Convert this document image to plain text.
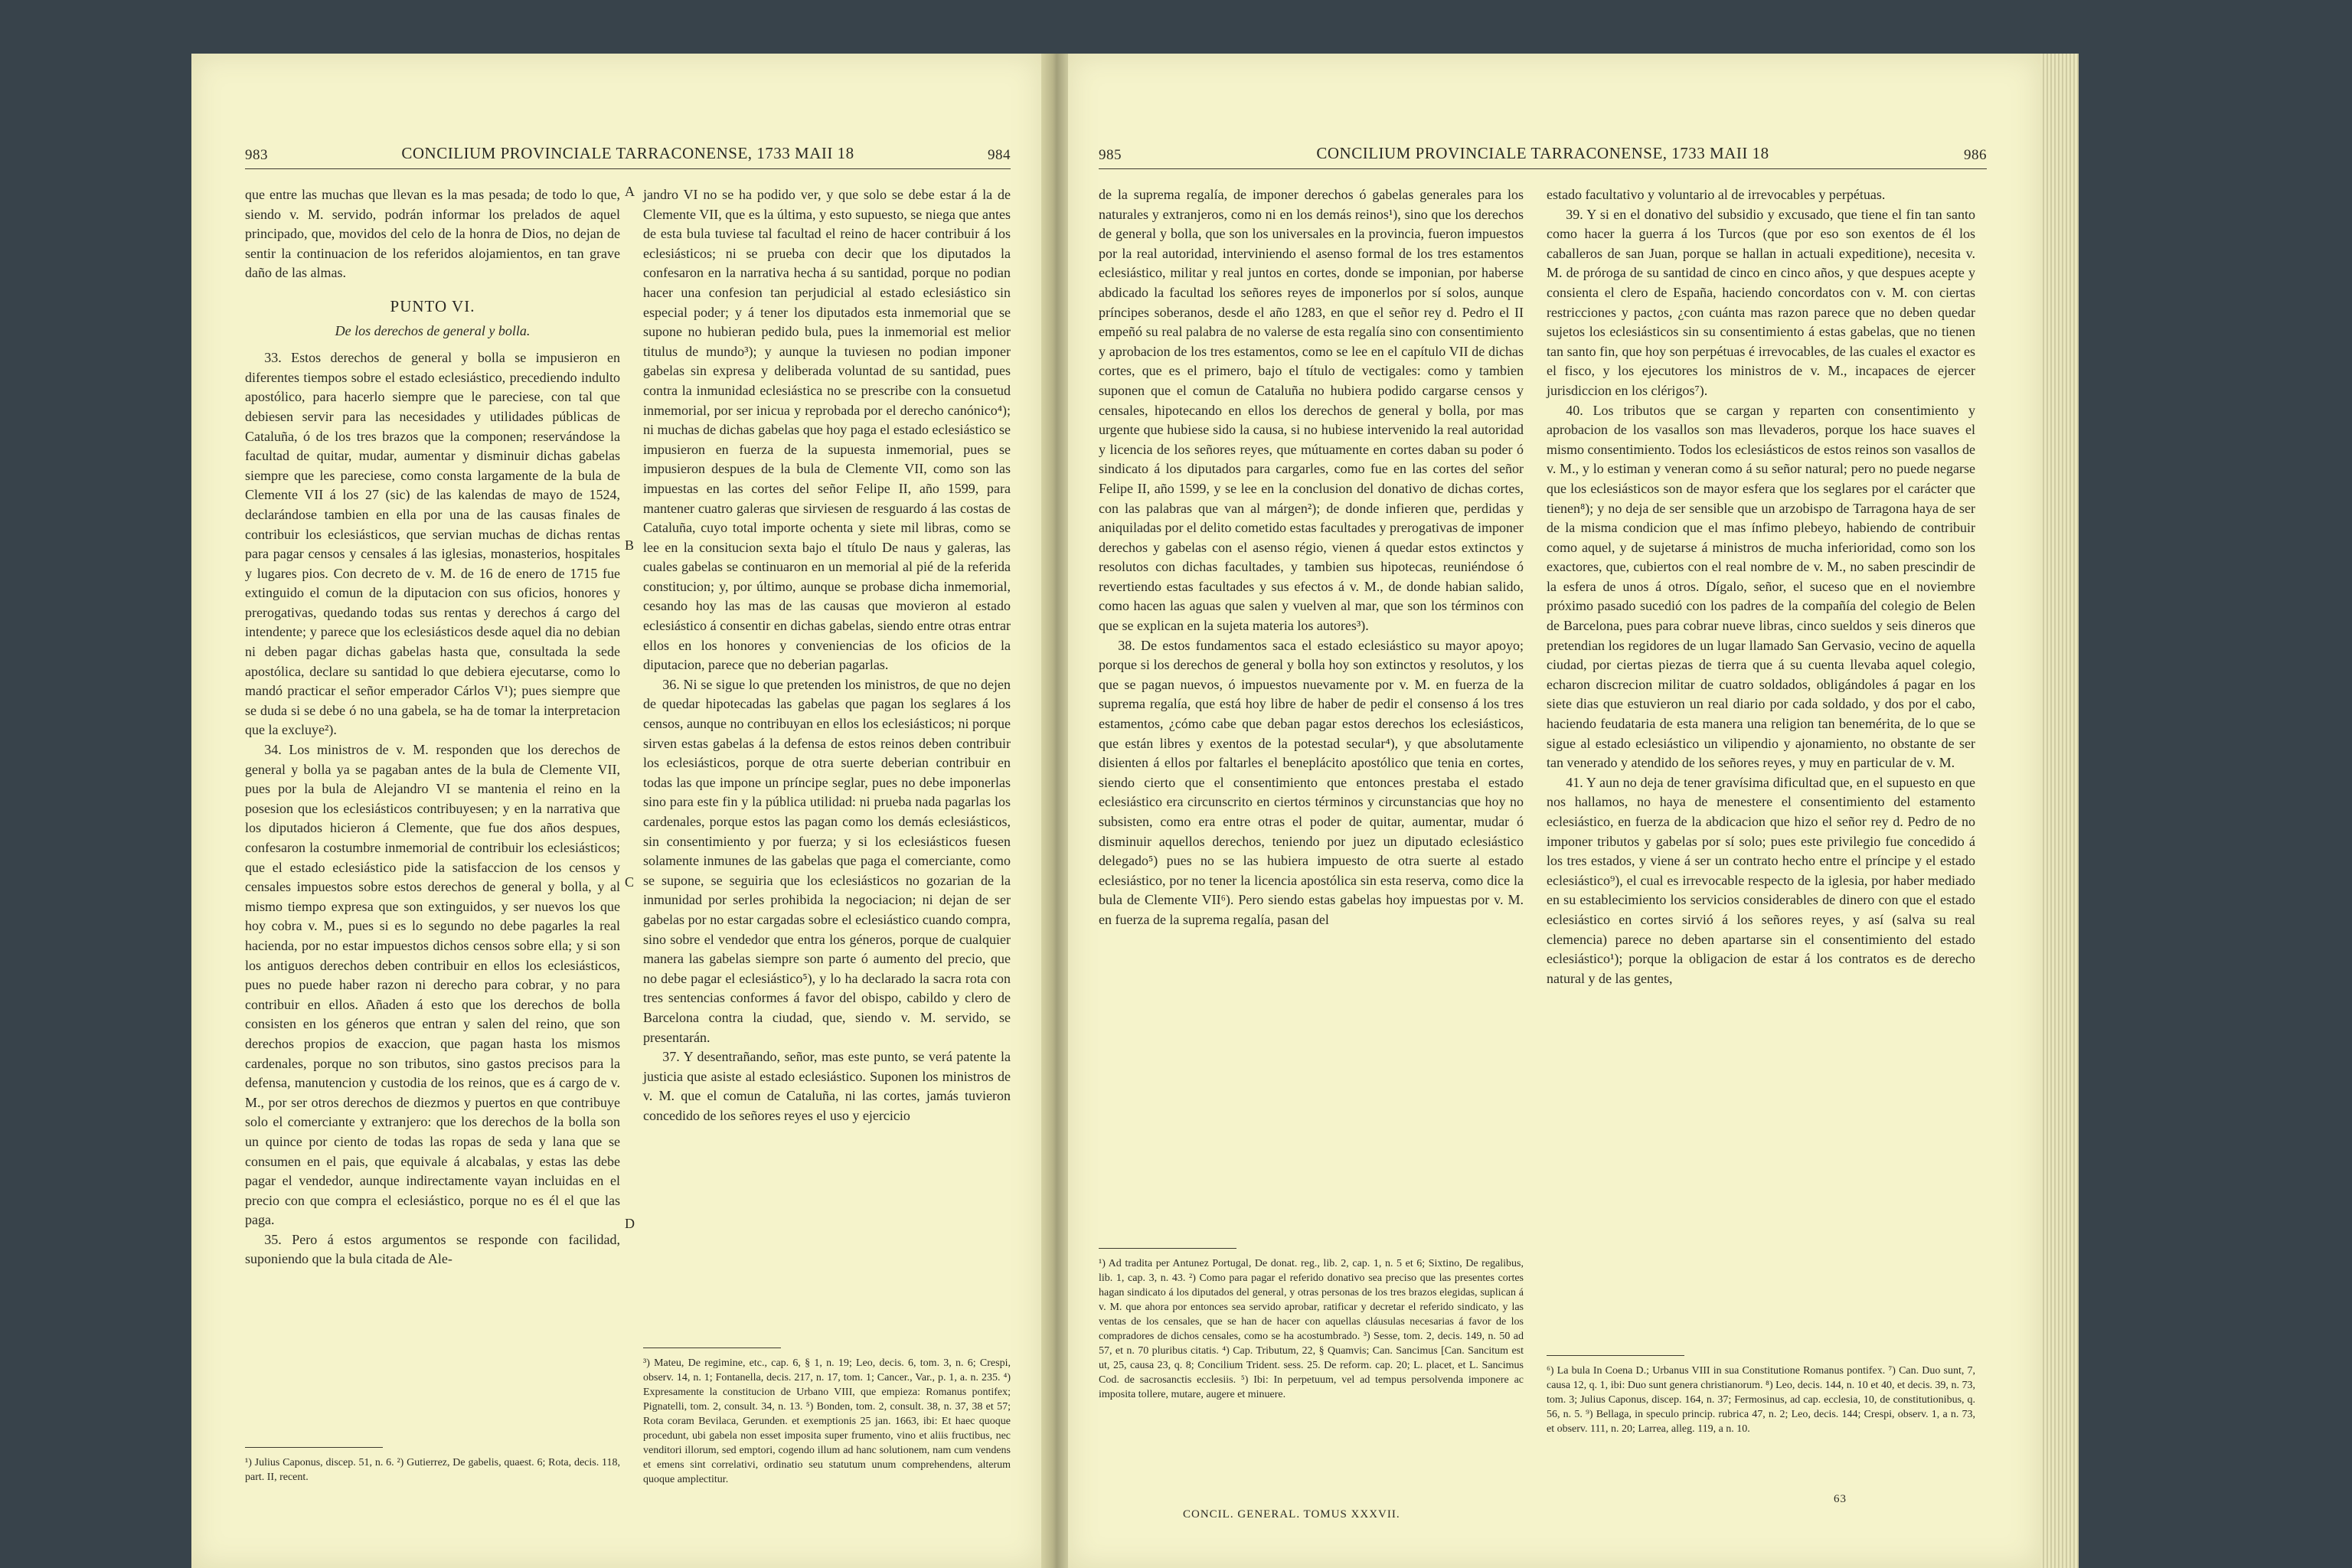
983	CONCILIUM PROVINCIALE TARRACONENSE, 1733 MAII 18	984

que entre las muchas que llevan es la mas pesada; de todo lo que, siendo v. M. servido, podrán informar los prelados de aquel principado, que, movidos del celo de la honra de Dios, no dejan de sentir la continuacion de los referidos alojamientos, en tan grave daño de las almas.

PUNTO VI.

De los derechos de general y bolla.

33. Estos derechos de general y bolla se impusieron en diferentes tiempos sobre el estado eclesiástico, precediendo indulto apostólico, para hacerlo siempre que le pareciese, con tal que debiesen servir para las necesidades y utilidades públicas de Cataluña, ó de los tres brazos que la componen; reservándose la facultad de quitar, mudar, aumentar y disminuir dichas gabelas siempre que les pareciese, como consta largamente de la bula de Clemente VII á los 27 (sic) de las kalendas de mayo de 1524, declarándose tambien en ella por una de las causas finales de contribuir los eclesiásticos, que servian muchas de dichas rentas para pagar censos y censales á las iglesias, monasterios, hospitales y lugares pios. Con decreto de v. M. de 16 de enero de 1715 fue extinguido el comun de la diputacion con sus oficios, honores y prerogativas, quedando todas sus rentas y derechos á cargo del intendente; y parece que los eclesiásticos desde aquel dia no debian ni deben pagar dichas gabelas hasta que, consultada la sede apostólica, declare su santidad lo que debiera ejecutarse, como lo mandó practicar el señor emperador Cárlos V¹); pues siempre que se duda si se debe ó no una gabela, se ha de tomar la interpretacion que la excluye²).

34. Los ministros de v. M. responden que los derechos de general y bolla ya se pagaban antes de la bula de Clemente VII, pues por la bula de Alejandro VI se mantenia el reino en la posesion que los eclesiásticos contribuyesen; y en la narrativa que los diputados hicieron á Clemente, que fue dos años despues, confesaron la costumbre inmemorial de contribuir los eclesiásticos; que el estado eclesiástico pide la satisfaccion de los censos y censales impuestos sobre estos derechos de general y bolla, y al mismo tiempo expresa que son extinguidos, y ser nuevos los que hoy cobra v. M., pues si es lo segundo no debe pagarles la real hacienda, por no estar impuestos dichos censos sobre ella; y si son los antiguos derechos deben contribuir en ellos los eclesiásticos, pues no puede haber razon ni derecho para cobrar, y no para contribuir en ellos. Añaden á esto que los derechos de bolla consisten en los géneros que entran y salen del reino, que son derechos propios de exaccion, que pagan hasta los mismos cardenales, porque no son tributos, sino gastos precisos para la defensa, manutencion y custodia de los reinos, que es á cargo de v. M., por ser otros derechos de diezmos y puertos en que contribuye solo el comerciante y extranjero: que los derechos de la bolla son un quince por ciento de todas las ropas de seda y lana que se consumen en el pais, que equivale á alcabalas, y estas las debe pagar el vendedor, aunque indirectamente vayan incluidas en el precio con que compra el eclesiástico, porque no es él el que las paga.

35. Pero á estos argumentos se responde con facilidad, suponiendo que la bula citada de Ale-

¹) Julius Caponus, discep. 51, n. 6. ²) Gutierrez, De gabelis, quaest. 6; Rota, decis. 118, part. II, recent.

jandro VI no se ha podido ver, y que solo se debe estar á la de Clemente VII, que es la última, y esto supuesto, se niega que antes de esta bula tuviese tal facultad el reino de hacer contribuir á los eclesiásticos; ni se prueba con decir que los diputados la confesaron en la narrativa hecha á su santidad, porque no podian hacer una confesion tan perjudicial al estado eclesiástico sin especial poder; y á tener los diputados esta inmemorial que se supone no hubieran pedido bula, pues la inmemorial est melior titulus de mundo³); y aunque la tuviesen no podian imponer gabelas sin expresa y deliberada voluntad de su santidad, pues contra la inmunidad eclesiástica no se prescribe con la consuetud inmemorial, por ser inicua y reprobada por el derecho canónico⁴); ni muchas de dichas gabelas que hoy paga el estado eclesiástico se impusieron en fuerza de la supuesta inmemorial, pues se impusieron despues de la bula de Clemente VII, como son las impuestas en las cortes del señor Felipe II, año 1599, para mantener cuatro galeras que sirviesen de resguardo á las costas de Cataluña, cuyo total importe ochenta y siete mil libras, como se lee en la consitucion sexta bajo el título De naus y galeras, las cuales gabelas se continuaron en un memorial al pié de la referida constitucion; y, por último, aunque se probase dicha inmemorial, cesando hoy las mas de las causas que movieron al estado eclesiástico á consentir en dichas gabelas, siendo entre otras entrar ellos en los honores y conveniencias de los oficios de la diputacion, parece que no deberian pagarlas.

36. Ni se sigue lo que pretenden los ministros, de que no dejen de quedar hipotecadas las gabelas que pagan los seglares á los censos, aunque no contribuyan en ellos los eclesiásticos; ni porque sirven estas gabelas á la defensa de estos reinos deben contribuir los eclesiásticos, porque de otra suerte deberian contribuir en todas las que impone un príncipe seglar, pues no debe imponerlas sino para este fin y la pública utilidad: ni prueba nada pagarlas los cardenales, porque estos las pagan como los demás eclesiásticos, sin consentimiento y por fuerza; y si los eclesiásticos fuesen solamente inmunes de las gabelas que paga el comerciante, como se supone, se seguiria que los eclesiásticos no gozarian de la inmunidad por serles prohibida la negociacion; ni dejan de ser gabelas por no estar cargadas sobre el eclesiástico cuando compra, sino sobre el vendedor que entra los géneros, porque de cualquier manera las gabelas siempre son parte ó aumento del precio, que no debe pagar el eclesiástico⁵), y lo ha declarado la sacra rota con tres sentencias conformes á favor del obispo, cabildo y clero de Barcelona contra la ciudad, que, siendo v. M. servido, se presentarán.

37. Y desentrañando, señor, mas este punto, se verá patente la justicia que asiste al estado eclesiástico. Suponen los ministros de v. M. que el comun de Cataluña, ni las cortes, jamás tuvieron concedido de los señores reyes el uso y ejercicio

³) Mateu, De regimine, etc., cap. 6, § 1, n. 19; Leo, decis. 6, tom. 3, n. 6; Crespi, observ. 14, n. 1; Fontanella, decis. 217, n. 17, tom. 1; Cancer., Var., p. 1, a. n. 235. ⁴) Expresamente la constitucion de Urbano VIII, que empieza: Romanus pontifex; Pignatelli, tom. 2, consult. 34, n. 13. ⁵) Bonden, tom. 2, consult. 38, n. 37, 38 et 57; Rota coram Bevilaca, Gerunden. et exemptionis 25 jan. 1663, ibi: Et haec quoque procedunt, ubi gabela non esset imposita super frumento, vino et aliis fructibus, nec venditori illorum, sed emptori, cogendo illum ad hanc solutionem, nam cum vendens et emens sint correlativi, ordinatio seu statutum unum comprehendens, alterum quoque amplectitur.

A
B
C
D
985	CONCILIUM PROVINCIALE TARRACONENSE, 1733 MAII 18	986

de la suprema regalía, de imponer derechos ó gabelas generales para los naturales y extranjeros, como ni en los demás reinos¹), sino que los derechos de general y bolla, que son los universales en la provincia, fueron impuestos por la real autoridad, interviniendo el asenso formal de los tres estamentos eclesiástico, militar y real juntos en cortes, donde se imponian, por haberse abdicado la facultad los señores reyes de imponerlos por sí solos, aunque príncipes soberanos, desde el año 1283, en que el señor rey d. Pedro el II empeñó su real palabra de no valerse de esta regalía sino con consentimiento y aprobacion de los tres estamentos, como se lee en el capítulo VII de dichas cortes, que es el primero, bajo el título de vectigales: como y tambien suponen que el comun de Cataluña no hubiera podido cargarse censos y censales, hipotecando en ellos los derechos de general y bolla, por mas urgente que hubiese sido la causa, si no hubiese intervenido la real autoridad y licencia de los señores reyes, que mútuamente en cortes daban su poder ó sindicato á los diputados para cargarles, como fue en las cortes del señor Felipe II, año 1599, y se lee en la conclusion del donativo de dichas cortes, con las palabras que van al márgen²); de donde infieren que, perdidas y aniquiladas por el delito cometido estas facultades y prerogativas de imponer derechos y gabelas con el asenso régio, vienen á quedar estos extinctos y resolutos con dichas facultades, y tambien sus hipotecas, reuniéndose ó revertiendo estas facultades y sus efectos á v. M., de donde habian salido, como hacen las aguas que salen y vuelven al mar, que son los términos con que se explican en la sujeta materia los autores³).

38. De estos fundamentos saca el estado eclesiástico su mayor apoyo; porque si los derechos de general y bolla hoy son extinctos y resolutos, y los que se pagan nuevos, ó impuestos nuevamente por v. M. en fuerza de la suprema regalía, que está hoy libre de haber de pedir el consenso á los tres estamentos, ¿cómo cabe que deban pagar estos derechos los eclesiásticos, que están libres y exentos de la potestad secular⁴), y que absolutamente disienten á ellos por faltarles el beneplácito apostólico que tenia en cortes, siendo cierto que el consentimiento que entonces prestaba el estado eclesiástico era circunscrito en ciertos términos y circunstancias que hoy no subsisten, como era entre otras el poder de quitar, aumentar, mudar ó disminuir aquellos derechos, teniendo por juez un diputado eclesiástico delegado⁵) pues no se las hubiera impuesto de otra suerte al estado eclesiástico, por no tener la licencia apostólica sin esta reserva, como dice la bula de Clemente VII⁶). Pero siendo estas gabelas hoy impuestas por v. M. en fuerza de la suprema regalía, pasan del

¹) Ad tradita per Antunez Portugal, De donat. reg., lib. 2, cap. 1, n. 5 et 6; Sixtino, De regalibus, lib. 1, cap. 3, n. 43. ²) Como para pagar el referido donativo sea preciso que las presentes cortes hagan sindicato á los diputados del general, y otras personas de los tres brazos elegidas, suplican á v. M. que ahora por entonces sea servido aprobar, ratificar y decretar el referido sindicato, y las ventas de los censales, que se han de hacer con aquellas cláusulas necesarias á favor de los compradores de dichos censales, como se ha acostumbrado. ³) Sesse, tom. 2, decis. 149, n. 50 ad 57, et n. 70 pluribus citatis. ⁴) Cap. Tributum, 22, § Quamvis; Can. Sancimus [Can. Sancitum est ut, 25, causa 23, q. 8; Concilium Trident. sess. 25. De reform. cap. 20; L. placet, et L. Sancimus Cod. de sacrosanctis ecclesiis. ⁵) Ibi: In perpetuum, vel ad tempus persolvenda imponere ac imposita tollere, mutare, augere et minuere.

CONCIL. GENERAL. TOMUS XXXVII.

estado facultativo y voluntario al de irrevocables y perpétuas.

39. Y si en el donativo del subsidio y excusado, que tiene el fin tan santo como hacer la guerra á los Turcos (que por eso son exentos de él los caballeros de san Juan, porque se hallan in actuali expeditione), necesita v. M. de próroga de su santidad de cinco en cinco años, y que despues acepte y consienta el clero de España, haciendo concordatos con v. M. con ciertas restricciones y pactos, ¿con cuánta mas razon parece que no deben quedar sujetos los eclesiásticos sin su consentimiento á estas gabelas, que no tienen tan santo fin, que hoy son perpétuas é irrevocables, de las cuales el exactor es el fisco, y los ejecutores los ministros de v. M., incapaces de ejercer jurisdiccion en los clérigos⁷).

40. Los tributos que se cargan y reparten con consentimiento y aprobacion de los vasallos son mas llevaderos, porque los hace suaves el mismo consentimiento. Todos los eclesiásticos de estos reinos son vasallos de v. M., y lo estiman y veneran como á su señor natural; pero no puede negarse que los eclesiásticos son de mayor esfera que los seglares por el carácter que tienen⁸); y no deja de ser sensible que un arzobispo de Tarragona haya de ser de la misma condicion que el mas ínfimo plebeyo, habiendo de contribuir como aquel, y de sujetarse á ministros de mucha inferioridad, como son los exactores, que, cubiertos con el real nombre de v. M., no saben prescindir de la esfera de unos á otros. Dígalo, señor, el suceso que en el noviembre próximo pasado sucedió con los padres de la compañía del colegio de Belen de Barcelona, pues para cobrar nueve libras, cinco sueldos y seis dineros que pretendian los regidores de un lugar llamado San Gervasio, vecino de aquella ciudad, por ciertas piezas de tierra que á su cuenta llevaba aquel colegio, echaron discrecion militar de cuatro soldados, obligándoles á pagar en los siete dias que estuvieron un real diario por cada soldado, y dos por el cabo, haciendo feudataria de esta manera una religion tan benemérita, de lo que se sigue al estado eclesiástico un vilipendio y ajonamiento, no obstante de ser tan venerado y atendido de los señores reyes, y muy en particular de v. M.

41. Y aun no deja de tener gravísima dificultad que, en el supuesto en que nos hallamos, no haya de menestere el consentimiento del estamento eclesiástico, en fuerza de la abdicacion que hizo el señor rey d. Pedro de no imponer tributos y gabelas por sí solo; pues este privilegio fue concedido á los tres estados, y viene á ser un contrato hecho entre el príncipe y el estado eclesiástico⁹), el cual es irrevocable respecto de la iglesia, por haber mediado en su establecimiento los servicios considerables de dinero con que el estado eclesiástico en cortes sirvió á los señores reyes, y así (salva su real clemencia) parece no deben apartarse sin el consentimiento del estado eclesiástico¹); porque la obligacion de estar á los contratos es de derecho natural y de las gentes,

⁶) La bula In Coena D.; Urbanus VIII in sua Constitutione Romanus pontifex. ⁷) Can. Duo sunt, 7, causa 12, q. 1, ibi: Duo sunt genera christianorum. ⁸) Leo, decis. 144, n. 10 et 40, et decis. 39, n. 73, tom. 3; Julius Caponus, discep. 164, n. 37; Fermosinus, ad cap. ecclesia, 10, de constitutionibus, q. 56, n. 5. ⁹) Bellaga, in speculo princip. rubrica 47, n. 2; Leo, decis. 144; Crespi, observ. 1, a n. 73, et observ. 111, n. 20; Larrea, alleg. 119, a n. 10.

63
